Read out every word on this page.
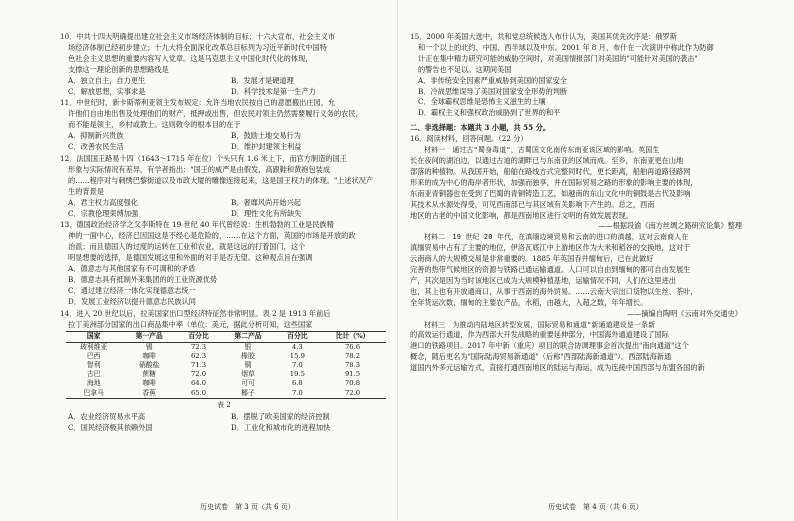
10．中共十四大明确提出建立社会主义市场经济体制的目标；十六大宣布，社会主义市

场经济体制已经初步建立；十九大将全面深化改革总目标列为习近平新时代中国特

色社会主义思想的重要内容写入党章。这是马克思主义中国化时代化的体现，

支撑这一理论创新的思想路线是

A．独立自主，自力更生	B．发展才是硬道理
C．解放思想，实事求是	D．科学技术是第一生产力

11．中世纪时，新卡斯蒂利亚领主发布规定：允许当地农民按自己的意愿搬出庄园，允

许他们自由地出售及处理他们的财产，抵押或出售，但农民对领主仍然需要履行义务的农民，

而不能是领主，乡村或教士。这则敕令的根本目的在于

A．抑制新兴贵族	B．鼓励土地交易行为
C．改善农民生活	D．维护封建领主利益

12．法国国王路易十四（1643～1715 年在位）个头只有 1.6 米上下，而官方制造的国王

形象与实际情况有差异，有学者指出："国王的威严是由假发，高跟鞋和黄袍包装成

的……程序对与刺绣巴黎街道以及市政大厦的雕像连接起来，这是国王权力的体现。"上述状况产

生的背景是

A．君主权力高度强化	B．奢靡风尚开始兴起
C．宗教伦理束缚加强	D．理性文化有所缺失

13．德国政治经济学之父李斯特在 19 世纪 40 年代曾经说：生机勃勃的工业是民族精

神的一面中心，经济已因国这是不经心是危险的，……在这个方面，英国的市场是开放的政

治派；而且德国人的过度的运转在工业和农业，就是这远的打着国门，这个

明显想要的选择，是德国发展这里和外面的对手是否无望。这种观点旨在强调

A．德意志与其他国家有不可调和的矛盾
B．德意志具有抵制外来集团的的工业资源优势
C．通过建立经济一体化实现德意志统一
D．发展工业经济以提升德意志民族认同

14．进入 20 世纪以后，拉美国家出口型经济特征然非常明显。表 2 是 1913 年前后

拉丁美洲部分国家的出口商品集中率（单位：美元，据此分析可知，这些国家

国家	第一产品	百分比	第二产品	百分比	比计（%）
玻利维亚	锡	72.3	银	4.3	76.6
巴西	咖啡	62.3	橡胶	15.9	78.2
智利	硝酸盐	71.3	铜	7.0	78.3
古巴	蔗糖	72.0	烟草	19.5	91.5
海地	咖啡	64.0	可可	6.8	70.8
巴拿马	香蕉	65.0	椰子	7.0	72.0

表 2

A．农业经济贸易水平高	B．摆脱了欧美国家的经济控制
C．国民经济极其依赖外国	D．工业化和城市化的进程加快

15．2000 年美国大选中，共和党总统候选人布什认为，美国其优先次序是：俄罗斯

和一个以上的北约、中国、西半球以及中东。2001 年 8 月，布什在一次演讲中称此作为防御

计正在集中精力研究可能的威胁空间时，对美国情报部门对美国的"可能针对美国的袭击"

的警告也不足以。这期间美国

A．非传统安全因素严重威胁到美国的国家安全
B．冷战思维误导了美国对国家安全形势的判断
C．全球霸权思维是恐怖主义滋生的土壤
D．霸权主义和强权政治威胁到了世界的和平

二、非选择题：本题共 3 小题，共 55 分。

16．阅读材料，回答问题。（22 分）

材料一　通过古"蜀身毒道"，古蜀国文化南传东南亚该区域的影响。英国生

长在夜间的湖泊边，以通过古迪的湖畔已与东南亚的区域而成。至乡，东南亚更在山地

部落的种植物。从我国开始，船舶在路线方式完整同时代，更长距离，船舶再道路径路网

形来的成为中心的海岸者形状，加强而独享，并在国际贸易之路的形象的影响主要的体现，

东南亚青铜器也在受到了巴蜀的青铜铸造工艺，如越南的东山文化中的铜鼓是古代及影响

其技术从水源处得受，可见西南部已与其区域有关影响下产生的。总之，西南

地区的古老的中国文化影响，都是西南地区进行文明的有效发展表现。

——根据段渝《南方丝绸之路研究论集》整理

材料二　19 世纪 20 年代，在滇缅边境贸易和云南的进口的滇越，这对云南商人在

滇缅贸易中占有了主要的地位，伊洛瓦底江中上游地区作为大米和稻谷的交换地，这对于

云南商人的大规模交易是非常重要的。1885 年英国吞并缅甸后，已在此做好

完善的热带气候地区的资源与铁路已通运输通道。人口可以自由到缅甸的都可自由发展生

产，其次是因为当时该地区已成为大规模种植基地，运输情况不同，人们在这里进出

也，其上也有开放通商口，从事于西南的海外贸易。……云南大宗出口货物以生丝、茶叶，

全年货运次数，缅甸的主要农产品，水稻，由越大，入超之数，年年增长。

——摘编自陶明《云南对外交通史》

材料三　为推动内陆地区转型发展，国际贸易和通道"新通道建设是一条新

的高效运行通道，作为西部大开发战略的重要延伸部分，中国海外通道建设了国际

港口的铁路项目。2017 年中新（重庆）项目的联合协调理事会首次提出"南向通道"这个

概念，随后更名为"国际陆海贸易新通道"（后称"西部陆海新通道"）。西部陆海新通

道国内外多元运输方式，直接打通西南地区的陆运与海运，成为连接中国西部与东盟各国的新

历史试卷　第 3 页（共 6 页）	历史试卷　第 4 页（共 6 页）
